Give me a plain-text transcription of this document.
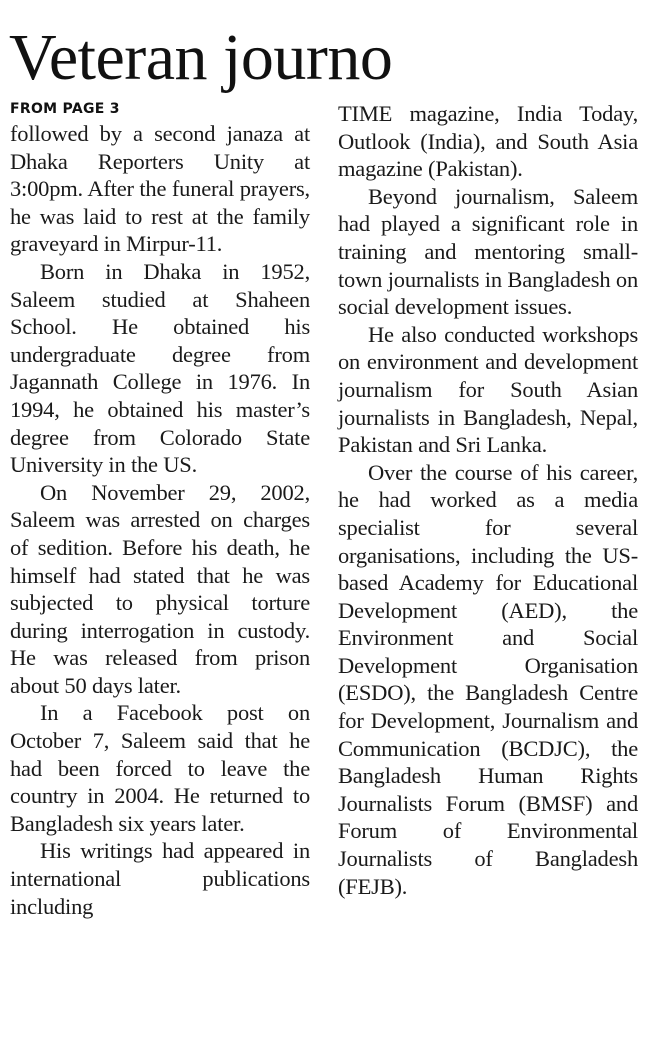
Veteran journo
FROM PAGE 3

followed by a second janaza at Dhaka Reporters Unity at 3:00pm. After the funeral prayers, he was laid to rest at the family graveyard in Mirpur-11.

Born in Dhaka in 1952, Saleem studied at Shaheen School. He obtained his undergraduate degree from Jagannath College in 1976. In 1994, he obtained his master’s degree from Colorado State University in the US.

On November 29, 2002, Saleem was arrested on charges of sedition. Before his death, he himself had stated that he was subjected to physical torture during interrogation in custody. He was released from prison about 50 days later.

In a Facebook post on October 7, Saleem said that he had been forced to leave the country in 2004. He returned to Bangladesh six years later.

His writings had appeared in international publications including

TIME magazine, India Today, Outlook (India), and South Asia magazine (Pakistan).

Beyond journalism, Saleem had played a significant role in training and mentoring small-town journalists in Bangladesh on social development issues.

He also conducted workshops on environment and development journalism for South Asian journalists in Bangladesh, Nepal, Pakistan and Sri Lanka.

Over the course of his career, he had worked as a media specialist for several organisations, including the US-based Academy for Educational Development (AED), the Environment and Social Development Organisation (ESDO), the Bangladesh Centre for Development, Journalism and Communication (BCDJC), the Bangladesh Human Rights Journalists Forum (BMSF) and Forum of Environmental Journalists of Bangladesh (FEJB).
